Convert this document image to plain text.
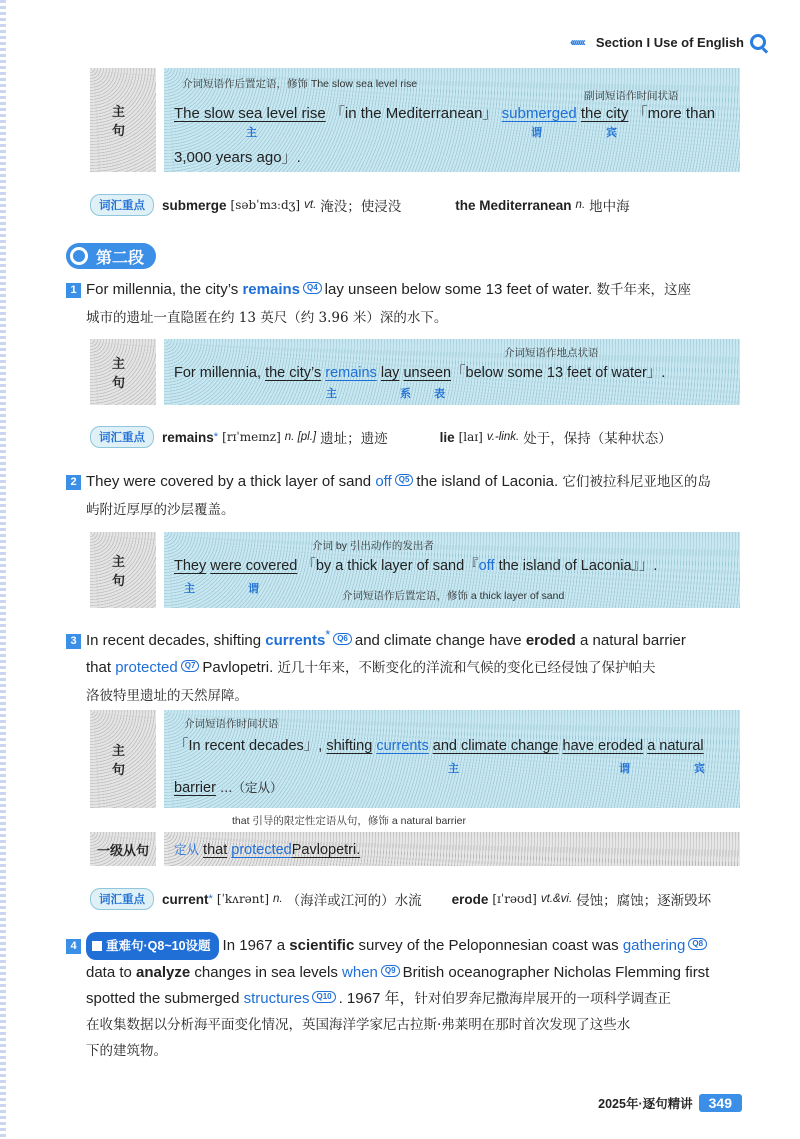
‹‹‹‹‹‹‹ Section I Use of English
主 句
介词短语作后置定语，修饰 The slow sea level rise
副词短语作时间状语
The slow sea level rise 「in the Mediterranean」 submerged the city 「more than
主	谓	宾
3,000 years ago」.
词汇重点	submerge [səbˈmɜːdʒ] vt. 淹没；使浸没	the Mediterranean n. 地中海
第二段
1 For millennia, the city’s remains Q4 lay unseen below some 13 feet of water. 数千年来，这座
城市的遗址一直隐匿在约 13 英尺（约 3.96 米）深的水下。
主 句
介词短语作地点状语
For millennia, the city’s remains lay unseen「below some 13 feet of water」.
主	系 表
词汇重点	remains * [rɪˈmeɪnz] n. [pl.] 遗址；遗迹	lie [laɪ] v.-link. 处于，保持（某种状态）
2 They were covered by a thick layer of sand off Q5 the island of Laconia. 它们被拉科尼亚地区的岛
屿附近厚厚的沙层覆盖。
主 句
介词 by 引出动作的发出者
They were covered 「by a thick layer of sand『off the island of Laconia』」.
主	谓
介词短语作后置定语，修饰 a thick layer of sand
3 In recent decades, shifting currents* Q6 and climate change have eroded a natural barrier
that protected Q7 Pavlopetri. 近几十年来，不断变化的洋流和气候的变化已经侵蚀了保护帕夫
洛彼特里遗址的天然屏障。
主 句
介词短语作时间状语
「In recent decades」, shifting currents and climate change have eroded a natural
主	谓	宾
barrier …（定从）
that 引导的限定性定语从句，修饰 a natural barrier
一级从句 定从 that protectedPavlopetri.
词汇重点	current * [ˈkʌrənt] n. （海洋或江河的）水流 erode [ɪˈrəʊd] vt.&vi. 侵蚀；腐蚀；逐渐毁坏
4 重难句·Q8~10设题 In 1967 a scientific survey of the Peloponnesian coast was gathering Q8
data to analyze changes in sea levels when Q9 British oceanographer Nicholas Flemming first
spotted the submerged structures Q10 . 1967 年，针对伯罗奔尼撒海岸展开的一项科学调查正
在收集数据以分析海平面变化情况，英国海洋学家尼古拉斯·弗莱明在那时首次发现了这些水
下的建筑物。
2025年·逐句精讲	349
